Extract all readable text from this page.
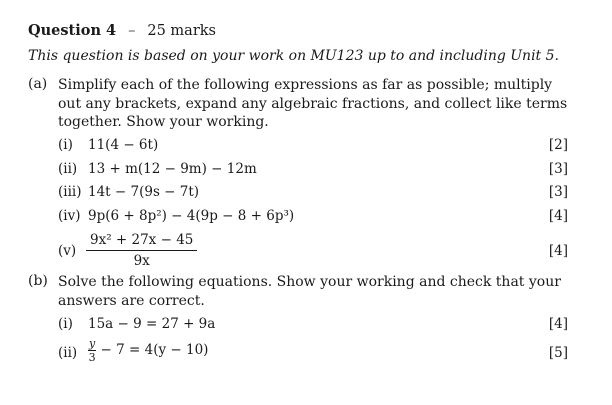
Question 4 – 25 marks
This question is based on your work on MU123 up to and including Unit 5.
(a) Simplify each of the following expressions as far as possible; multiply
out any brackets, expand any algebraic fractions, and collect like terms
together. Show your working.
(i) 11(4 − 6t)	[2]
(ii) 13 + m(12 − 9m) − 12m	[3]
(iii) 14t − 7(9s − 7t)	[3]
(iv) 9p(6 + 8p²) − 4(9p − 8 + 6p³)	[4]
$(v) \frac{\text{9x² + 27x − 45}}{9x}$	[4]
(b) Solve the following equations. Show your working and check that your
answers are correct.
(i) 15a − 9 = 27 + 9a	[4]
$(ii) \frac{y}{3} - 7 = 4(y - 10)$	[5]
